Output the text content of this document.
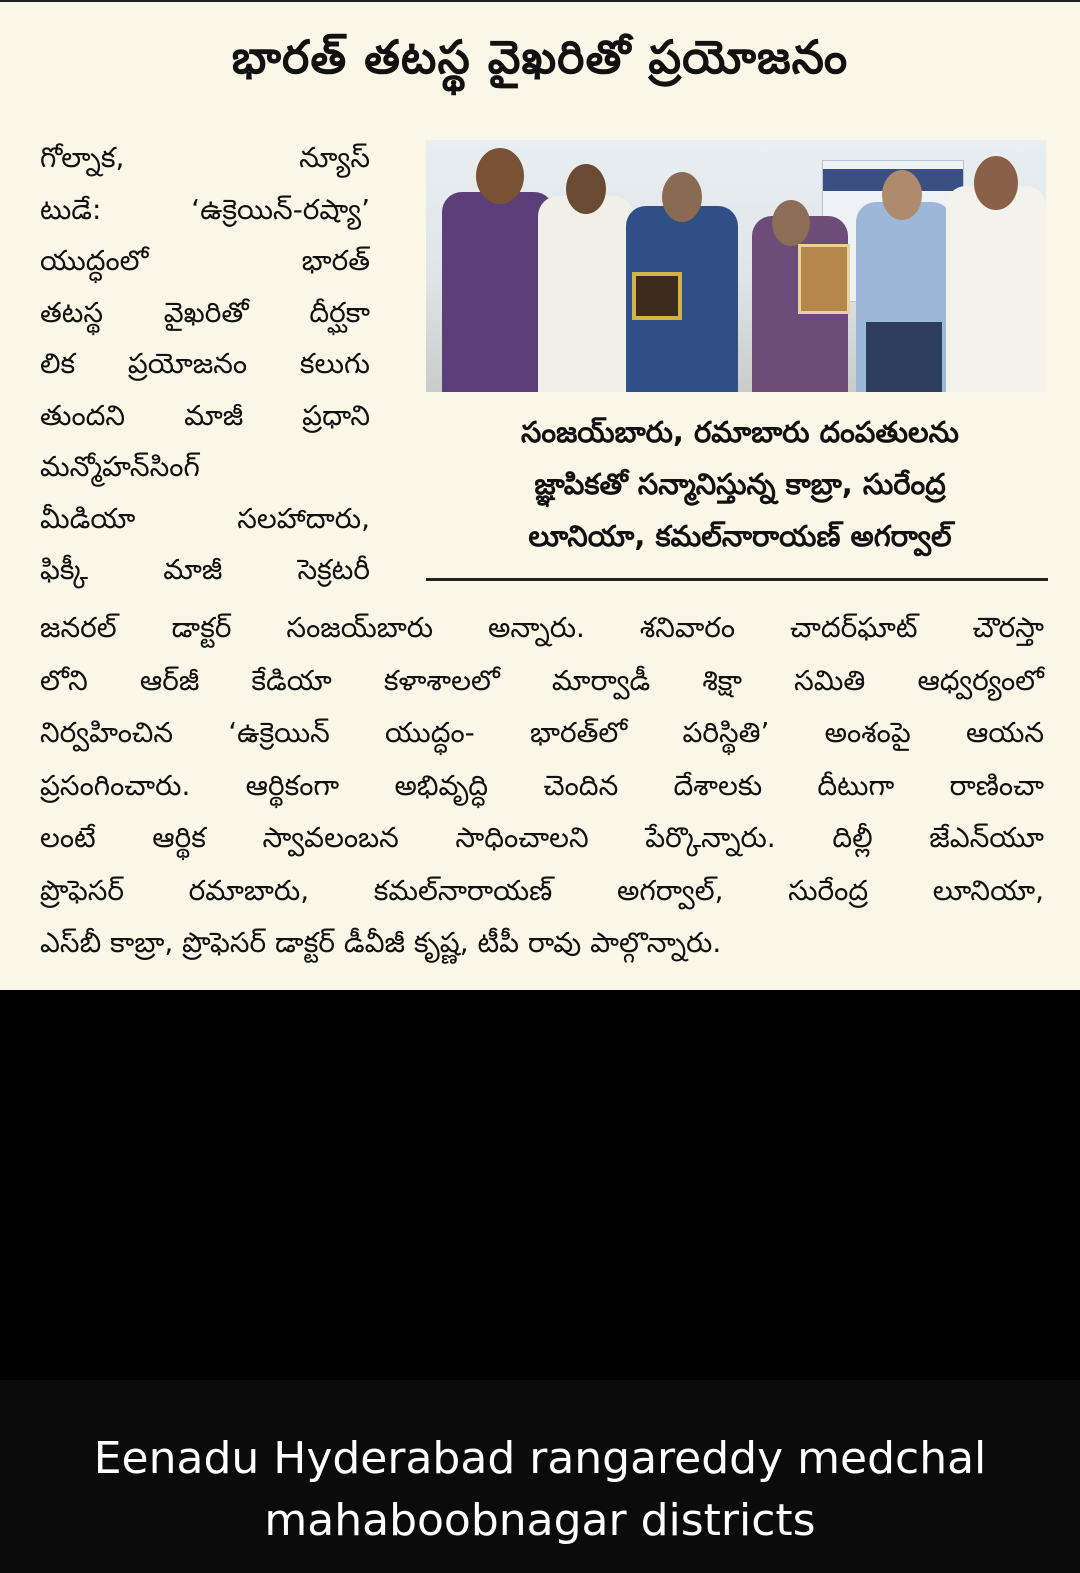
భారత్ తటస్థ వైఖరితో ప్రయోజనం
గోల్నాక, న్యూస్
టుడే: ‘ఉక్రెయిన్-రష్యా’
యుద్ధంలో భారత్
తటస్థ వైఖరితో దీర్ఘకా
లిక ప్రయోజనం కలుగు
తుందని మాజీ ప్రధాని
మన్మోహన్‌సింగ్
మీడియా సలహాదారు,
ఫిక్కీ మాజీ సెక్రటరీ
సంజయ్‌బారు, రమాబారు దంపతులను
జ్ఞాపికతో సన్మానిస్తున్న కాబ్రా, సురేంద్ర
లూనియా, కమల్‌నారాయణ్ అగర్వాల్
జనరల్ డాక్టర్ సంజయ్‌బారు అన్నారు. శనివారం చాదర్‌ఘాట్ చౌరస్తా
లోని ఆర్‌జీ కేడియా కళాశాలలో మార్వాడీ శిక్షా సమితి ఆధ్వర్యంలో
నిర్వహించిన ‘ఉక్రెయిన్ యుద్ధం- భారత్‌లో పరిస్థితి’ అంశంపై ఆయన
ప్రసంగించారు. ఆర్థికంగా అభివృద్ధి చెందిన దేశాలకు దీటుగా రాణించా
లంటే ఆర్థిక స్వావలంబన సాధించాలని పేర్కొన్నారు. దిల్లీ జేఎన్‌యూ
ప్రొఫెసర్ రమాబారు, కమల్‌నారాయణ్ అగర్వాల్, సురేంద్ర లూనియా,
ఎస్‌బీ కాబ్రా, ప్రొఫెసర్ డాక్టర్ డీవీజీ కృష్ణ, టీపీ రావు పాల్గొన్నారు.
Eenadu Hyderabad rangareddy medchal
mahaboobnagar districts
